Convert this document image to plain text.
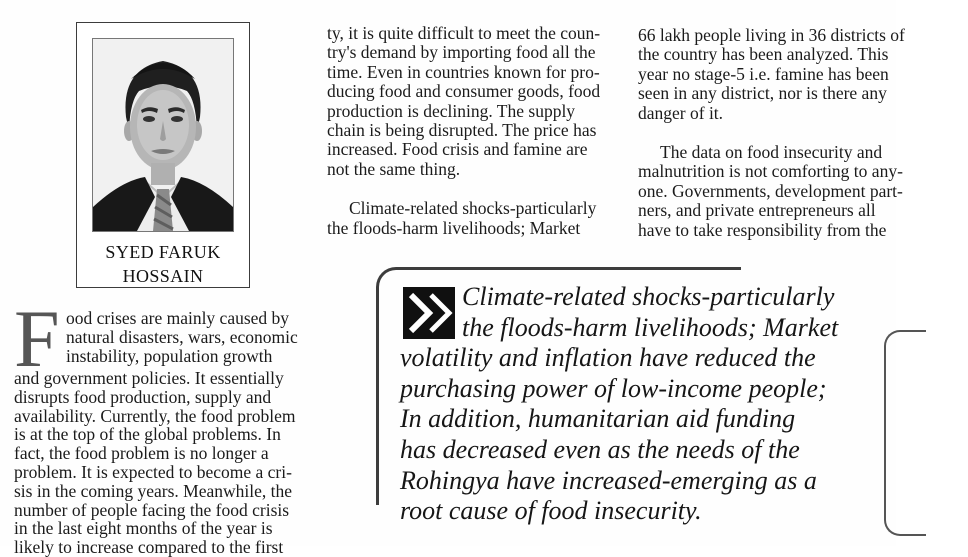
SYED FARUK
HOSSAIN
F ood crises are mainly caused by
natural disasters, wars, economic
instability, population growth
and government policies. It essentially
disrupts food production, supply and
availability. Currently, the food problem
is at the top of the global problems. In
fact, the food problem is no longer a
problem. It is expected to become a cri-
sis in the coming years. Meanwhile, the
number of people facing the food crisis
in the last eight months of the year is
likely to increase compared to the first
ty, it is quite difficult to meet the coun-
try's demand by importing food all the
time. Even in countries known for pro-
ducing food and consumer goods, food
production is declining. The supply
chain is being disrupted. The price has
increased. Food crisis and famine are
not the same thing.
Climate-related shocks-particularly
the floods-harm livelihoods; Market
66 lakh people living in 36 districts of
the country has been analyzed. This
year no stage-5 i.e. famine has been
seen in any district, nor is there any
danger of it.
The data on food insecurity and
malnutrition is not comforting to any-
one. Governments, development part-
ners, and private entrepreneurs all
have to take responsibility from the
Climate-related shocks-particularly
the floods-harm livelihoods; Market
volatility and inflation have reduced the
purchasing power of low-income people;
In addition, humanitarian aid funding
has decreased even as the needs of the
Rohingya have increased-emerging as a
root cause of food insecurity.
